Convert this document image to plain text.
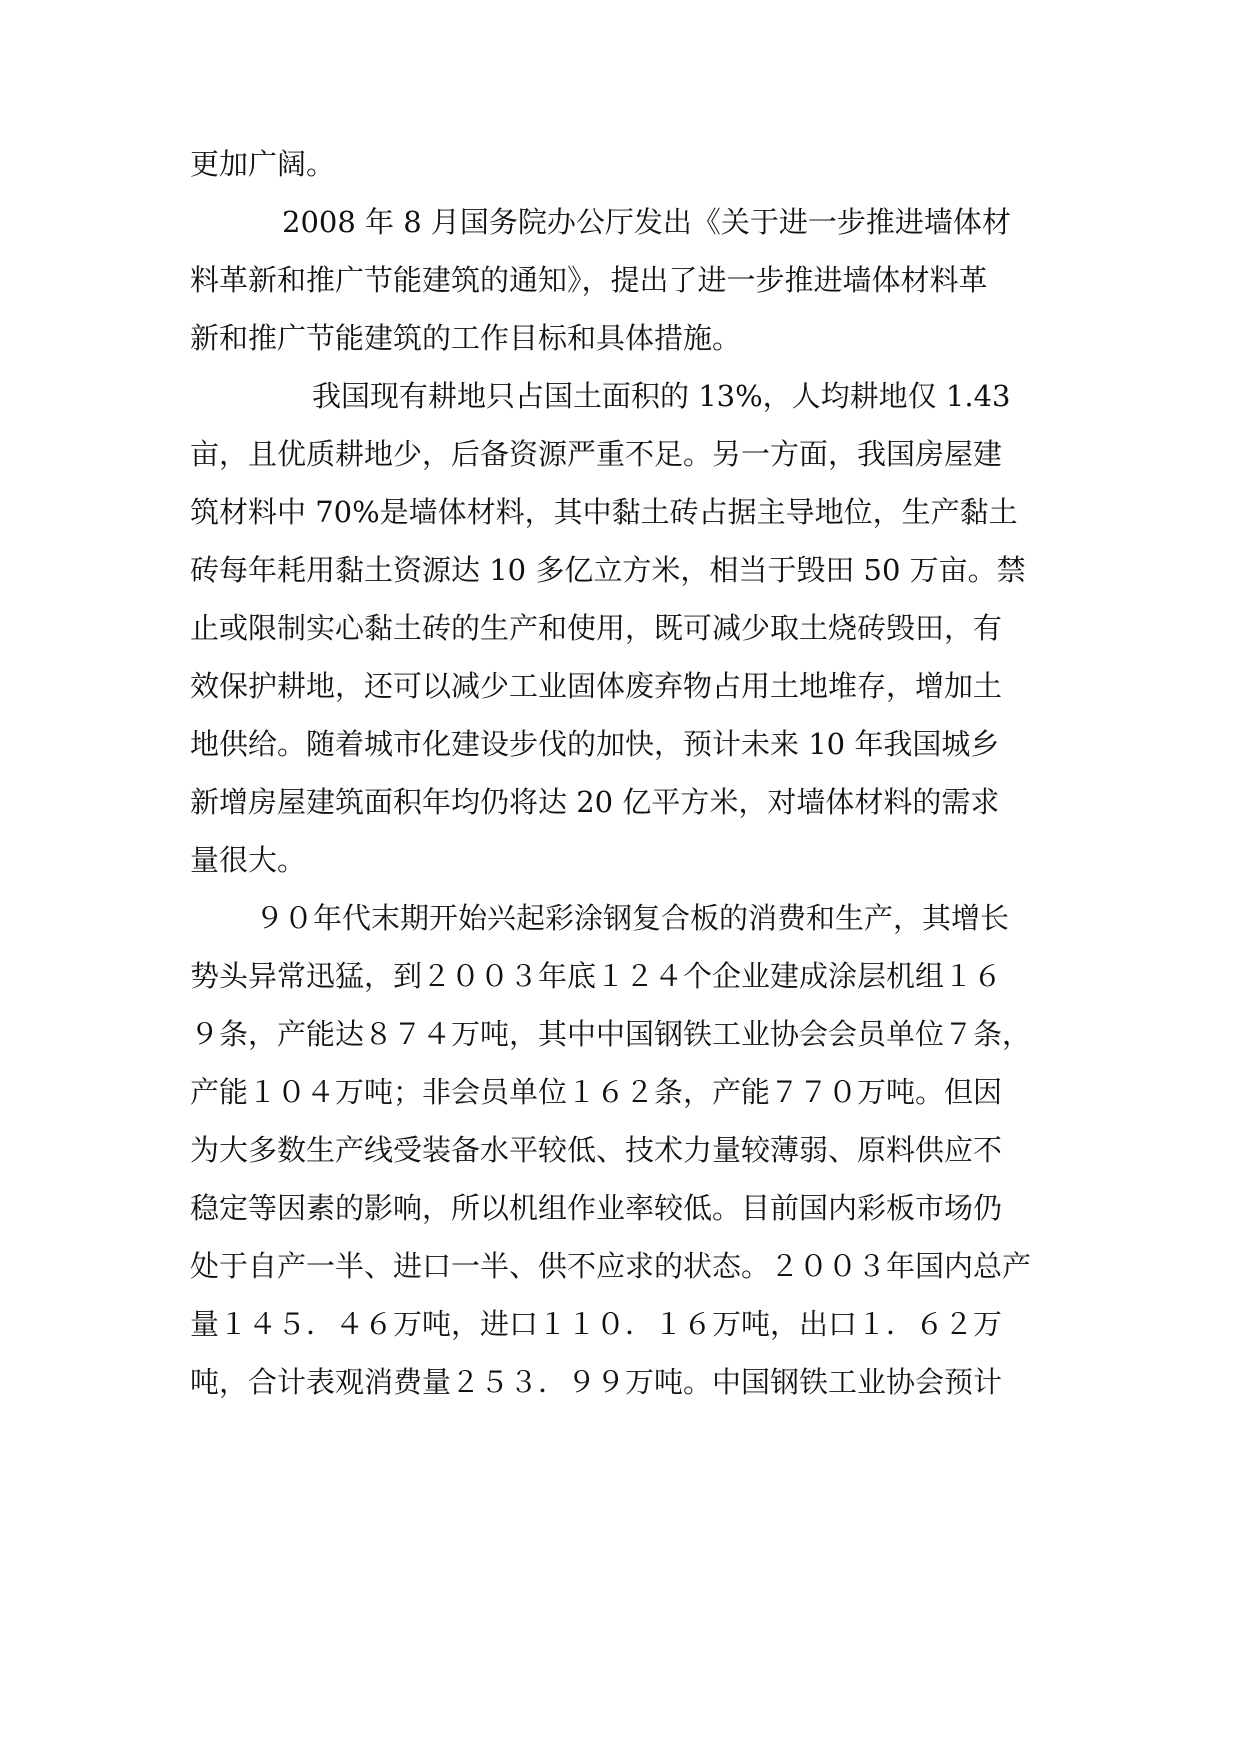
更加广阔。

2008 年 8 月国务院办公厅发出《关于进一步推进墙体材

料革新和推广节能建筑的通知》，提出了进一步推进墙体材料革

新和推广节能建筑的工作目标和具体措施。

我国现有耕地只占国土面积的 13%，人均耕地仅 1.43

亩，且优质耕地少，后备资源严重不足。另一方面，我国房屋建

筑材料中 70%是墙体材料，其中黏土砖占据主导地位，生产黏土

砖每年耗用黏土资源达 10 多亿立方米，相当于毁田 50 万亩。禁

止或限制实心黏土砖的生产和使用，既可减少取土烧砖毁田，有

效保护耕地，还可以减少工业固体废弃物占用土地堆存，增加土

地供给。随着城市化建设步伐的加快，预计未来 10 年我国城乡

新增房屋建筑面积年均仍将达 20 亿平方米，对墙体材料的需求

量很大。

９０年代末期开始兴起彩涂钢复合板的消费和生产，其增长

势头异常迅猛，到２００３年底１２４个企业建成涂层机组１６

９条，产能达８７４万吨，其中中国钢铁工业协会会员单位７条，

产能１０４万吨；非会员单位１６２条，产能７７０万吨。但因

为大多数生产线受装备水平较低、技术力量较薄弱、原料供应不

稳定等因素的影响，所以机组作业率较低。目前国内彩板市场仍

处于自产一半、进口一半、供不应求的状态。２００３年国内总产

量１４５．４６万吨，进口１１０．１６万吨，出口１．６２万

吨，合计表观消费量２５３．９９万吨。中国钢铁工业协会预计
